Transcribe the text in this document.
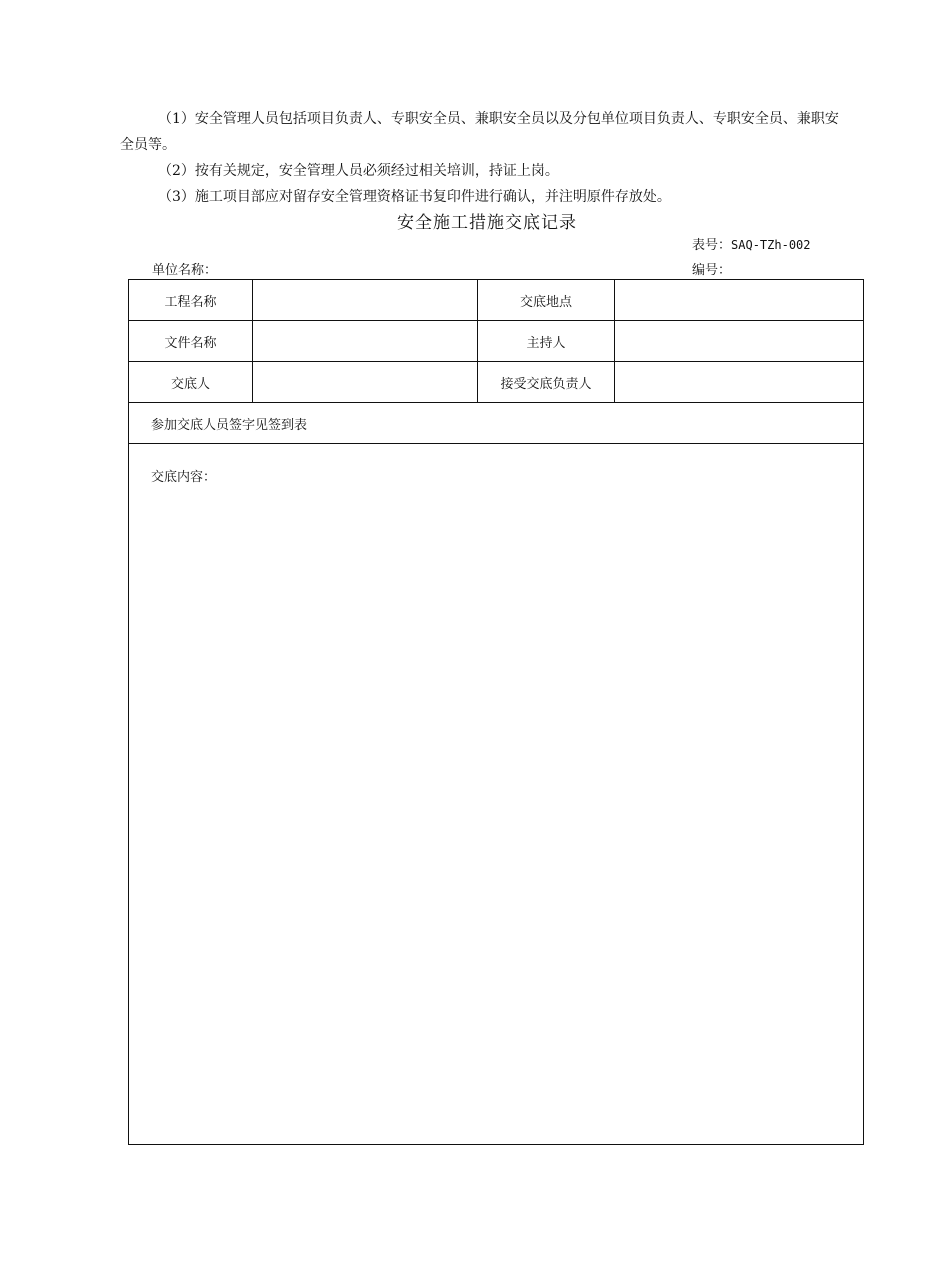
（1）安全管理人员包括项目负责人、专职安全员、兼职安全员以及分包单位项目负责人、专职安全员、兼职安全员等。

（2）按有关规定，安全管理人员必须经过相关培训，持证上岗。

（3）施工项目部应对留存安全管理资格证书复印件进行确认，并注明原件存放处。

安全施工措施交底记录
表号：SAQ-TZh-002
单位名称：	编号：
工程名称		交底地点	
文件名称		主持人	
交底人		接受交底负责人	
参加交底人员签字见签到表			

交底内容：			
